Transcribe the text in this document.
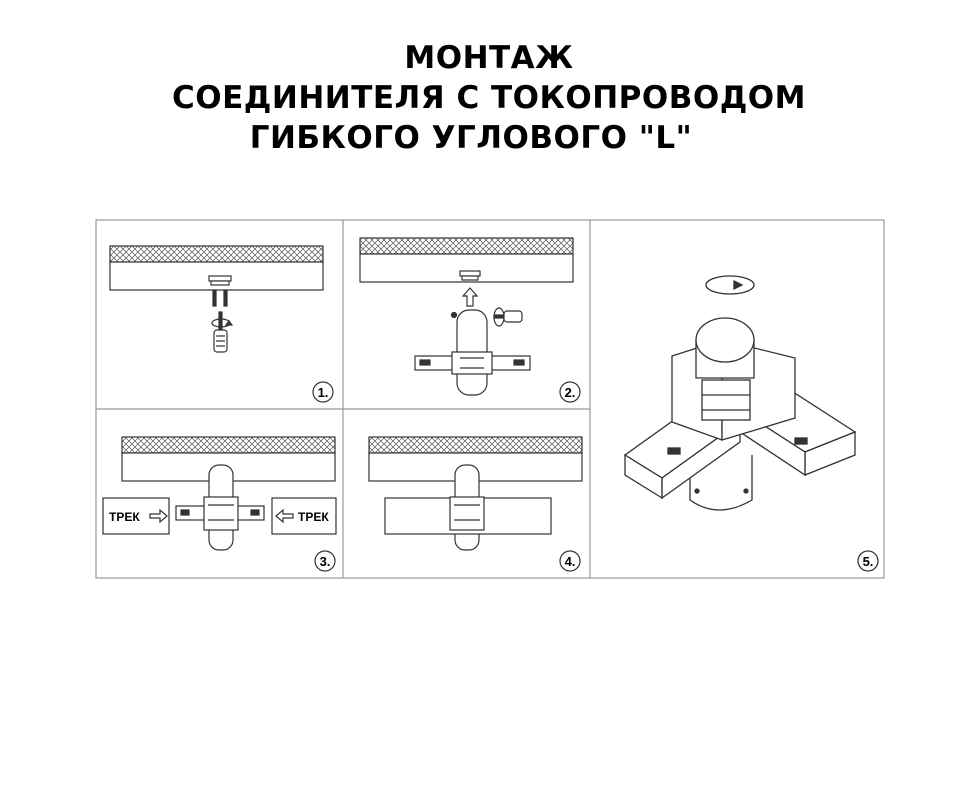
МОНТАЖ
СОЕДИНИТЕЛЯ С ТОКОПРОВОДОМ
ГИБКОГО УГЛОВОГО "L"
1.	2.
ТРЕК	ТРЕК
3.	4.	5.
